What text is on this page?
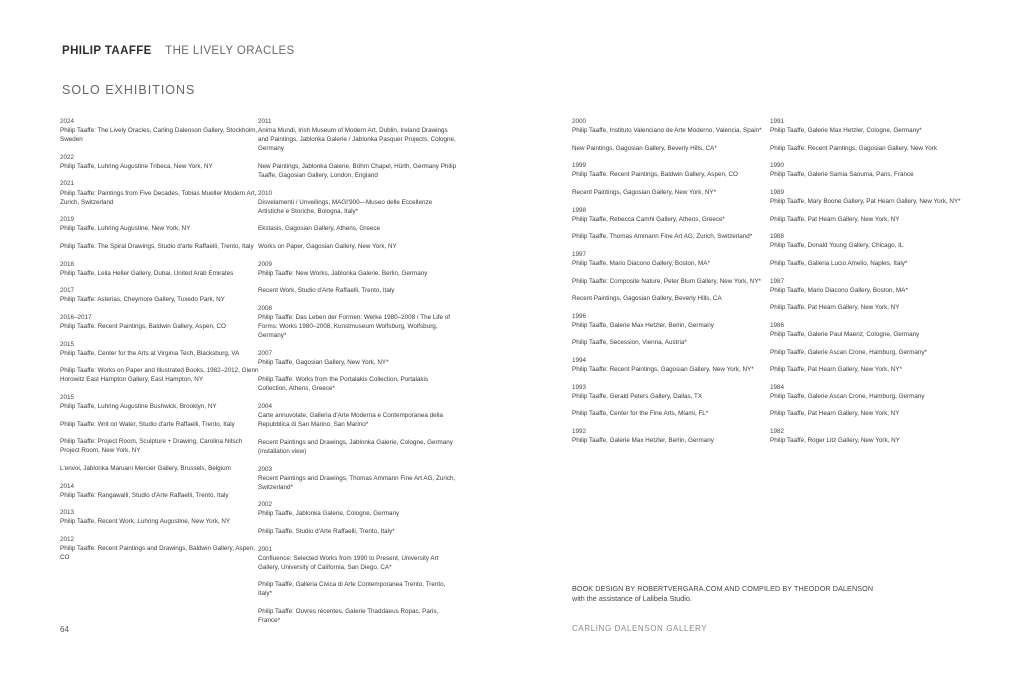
PHILIP TAAFFE THE LIVELY ORACLES
SOLO EXHIBITIONS
2024
Philip Taaffe: The Lively Oracles, Carling Dalenson Gallery, Stockholm, Sweden
2022
Philip Taaffe, Luhring Augustine Tribeca, New York, NY
2021
Philip Taaffe: Paintings from Five Decades, Tobias Mueller Modern Art, Zurich, Switzerland
2019
Philip Taaffe, Luhring Augustine, New York, NY
Philip Taaffe: The Spiral Drawings, Studio d'arte Raffaelli, Trento, Italy
2018
Philip Taaffe, Leila Heller Gallery, Dubai, United Arab Emirates
2017
Philip Taaffe: Asterias, Cheymore Gallery, Tuxedo Park, NY
2016–2017
Philip Taaffe: Recent Paintings, Baldwin Gallery, Aspen, CO
2015
Philip Taaffe, Center for the Arts at Virginia Tech, Blacksburg, VA
Philip Taaffe: Works on Paper and Illustrated Books, 1982–2012, Glenn Horowitz East Hampton Gallery, East Hampton, NY
2015
Philip Taaffe, Luhring Augustine Bushwick, Brooklyn, NY
Philip Taaffe: Writ on Water, Studio d'arte Raffaelli, Trento, Italy
Philip Taaffe: Project Room, Sculpture + Drawing, Carolina Nitsch Project Room, New York, NY
L'envoi, Jablonka Maruani Mercier Gallery, Brussels, Belgium
2014
Philip Taaffe: Rangawalli, Studio d'Arte Raffaelli, Trento, Italy
2013
Philip Taaffe, Recent Work, Luhring Augustine, New York, NY
2012
Philip Taaffe: Recent Paintings and Drawings, Baldwin Gallery, Aspen, CO
2011
Anima Mundi, Irish Museum of Modern Art, Dublin, Ireland Drawings and Paintings, Jablonka Galerie / Jablonka Pasquer Projects, Cologne, Germany
New Paintings, Jablonka Galerie, Böhm Chapel, Hürth, Germany Philip Taaffe, Gagosian Gallery, London, England
2010
Disvelamenti / Unveilings, MAGI'900—Museo delle Eccellenze Artistiche e Storiche, Bologna, Italy*
Ekstasis, Gagosian Gallery, Athens, Greece
Works on Paper, Gagosian Gallery, New York, NY
2009
Philip Taaffe: New Works, Jablonka Galerie, Berlin, Germany
Recent Work, Studio d'Arte Raffaelli, Trento, Italy
2008
Philip Taaffe: Das Leben der Formen: Werke 1980–2008 / The Life of Forms: Works 1980–2008, Kunstmuseum Wolfsburg, Wolfsburg, Germany*
2007
Philip Taaffe, Gagosian Gallery, New York, NY*
Philip Taaffe: Works from the Portalakis Collection, Portalakis Collection, Athens, Greece*
2004
Carte annuvolate, Galleria d'Arte Moderna e Contemporanea della Repubblica di San Marino, San Marino*
Recent Paintings and Drawings, Jablonka Galerie, Cologne, Germany (installation view)
2003
Recent Paintings and Drawings, Thomas Ammann Fine Art AG, Zurich, Switzerland*
2002
Philip Taaffe, Jablonka Galerie, Cologne, Germany
Philip Taaffe, Studio d'Arte Raffaelli, Trento, Italy*
2001
Confluence: Selected Works from 1990 to Present, University Art Gallery, University of California, San Diego, CA*
Philip Taaffe, Galleria Civica di Arte Contemporanea Trento, Trento, Italy*
Philip Taaffe: Ouvres récentes, Galerie Thaddaeus Ropac, Paris, France*
2000
Philip Taaffe, Instituto Valenciano de Arte Moderno, Valencia, Spain*
New Paintings, Gagosian Gallery, Beverly Hills, CA*
1999
Philip Taaffe: Recent Paintings, Baldwin Gallery, Aspen, CO
Recent Paintings, Gagosian Gallery, New York, NY*
1998
Philip Taaffe, Rebecca Camhi Gallery, Athens, Greece*
Philip Taaffe, Thomas Ammann Fine Art AG, Zurich, Switzerland*
1997
Philip Taaffe, Mario Diacono Gallery, Boston, MA*
Philip Taaffe: Composite Nature, Peter Blum Gallery, New York, NY*
Recent Paintings, Gagosian Gallery, Beverly Hills, CA
1996
Philip Taaffe, Galerie Max Hetzler, Berlin, Germany
Philip Taaffe, Secession, Vienna, Austria*
1994
Philip Taaffe: Recent Paintings, Gagosian Gallery, New York, NY*
1993
Philip Taaffe, Gerald Peters Gallery, Dallas, TX
Philip Taaffe, Center for the Fine Arts, Miami, FL*
1992
Philip Taaffe, Galerie Max Hetzler, Berlin, Germany
1991
Philip Taaffe, Galerie Max Hetzler, Cologne, Germany*
Philip Taaffe: Recent Paintings, Gagosian Gallery, New York
1990
Philip Taaffe, Galerie Samia Saouma, Paris, France
1989
Philip Taaffe, Mary Boone Gallery, Pat Hearn Gallery, New York, NY*
Philip Taaffe, Pat Hearn Gallery, New York, NY
1988
Philip Taaffe, Donald Young Gallery, Chicago, IL
Philip Taaffe, Galleria Lucio Amelio, Naples, Italy*
1987
Philip Taaffe, Mario Diacono Gallery, Boston, MA*
Philip Taaffe, Pat Hearn Gallery, New York, NY
1986
Philip Taaffe, Galerie Paul Maenz, Cologne, Germany
Philip Taaffe, Galerie Ascan Crone, Hamburg, Germany*
Philip Taaffe, Pat Hearn Gallery, New York, NY*
1984
Philip Taaffe, Galerie Ascan Crone, Hamburg, Germany
Philip Taaffe, Pat Hearn Gallery, New York, NY
1982
Philip Taaffe, Roger Litz Gallery, New York, NY
64
BOOK DESIGN BY ROBERTVERGARA.COM AND COMPILED BY THEODOR DALENSON
with the assistance of Lalibela Studio.
CARLING DALENSON GALLERY
